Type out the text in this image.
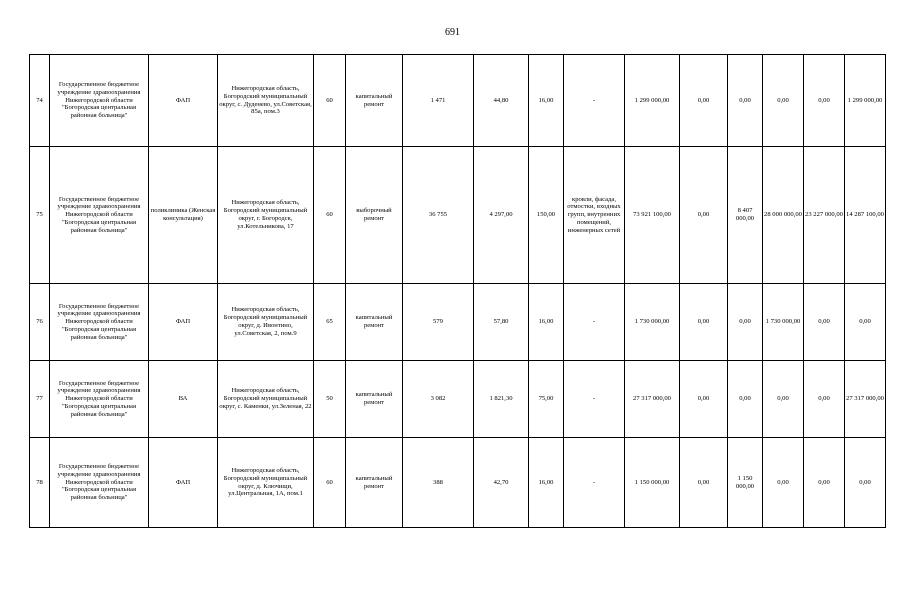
691
74	Государственное бюджетное учреждение здравоохранения Нижегородской области "Богородская центральная районная больница"	ФАП	Нижегородская область, Богородский муниципальный округ, с. Дуденево, ул.Советская, 85а, пом.3	60	капитальный ремонт	1 471	44,80	16,00	-	1 299 000,00	0,00	0,00	0,00	0,00	1 299 000,00
75	Государственное бюджетное учреждение здравоохранения Нижегородской области "Богородская центральная районная больница"	поликлиника (Женская консультация)	Нижегородская область, Богородский муниципальный округ, г. Богородск, ул.Котельникова, 17	60	выборочный ремонт	36 755	4 297,00	150,00	кровли, фасада, отмостки, входных групп, внутренних помещений, инженерных сетей	73 921 100,00	0,00	8 407 000,00	28 000 000,00	23 227 000,00	14 287 100,00
76	Государственное бюджетное учреждение здравоохранения Нижегородской области "Богородская центральная районная больница"	ФАП	Нижегородская область, Богородский муниципальный округ, д. Ивонтино, ул.Советская, 2, пом.9	65	капитальный ремонт	579	57,80	16,00	-	1 730 000,00	0,00	0,00	1 730 000,00	0,00	0,00
77	Государственное бюджетное учреждение здравоохранения Нижегородской области "Богородская центральная районная больница"	ВА	Нижегородская область, Богородский муниципальный округ, с. Каменки, ул.Зеленая, 22	50	капитальный ремонт	3 082	1 821,30	75,00	-	27 317 000,00	0,00	0,00	0,00	0,00	27 317 000,00
78	Государственное бюджетное учреждение здравоохранения Нижегородской области "Богородская центральная районная больница"	ФАП	Нижегородская область, Богородский муниципальный округ, д. Ключищи, ул.Центральная, 1А, пом.1	60	капитальный ремонт	388	42,70	16,00	-	1 150 000,00	0,00	1 150 000,00	0,00	0,00	0,00
